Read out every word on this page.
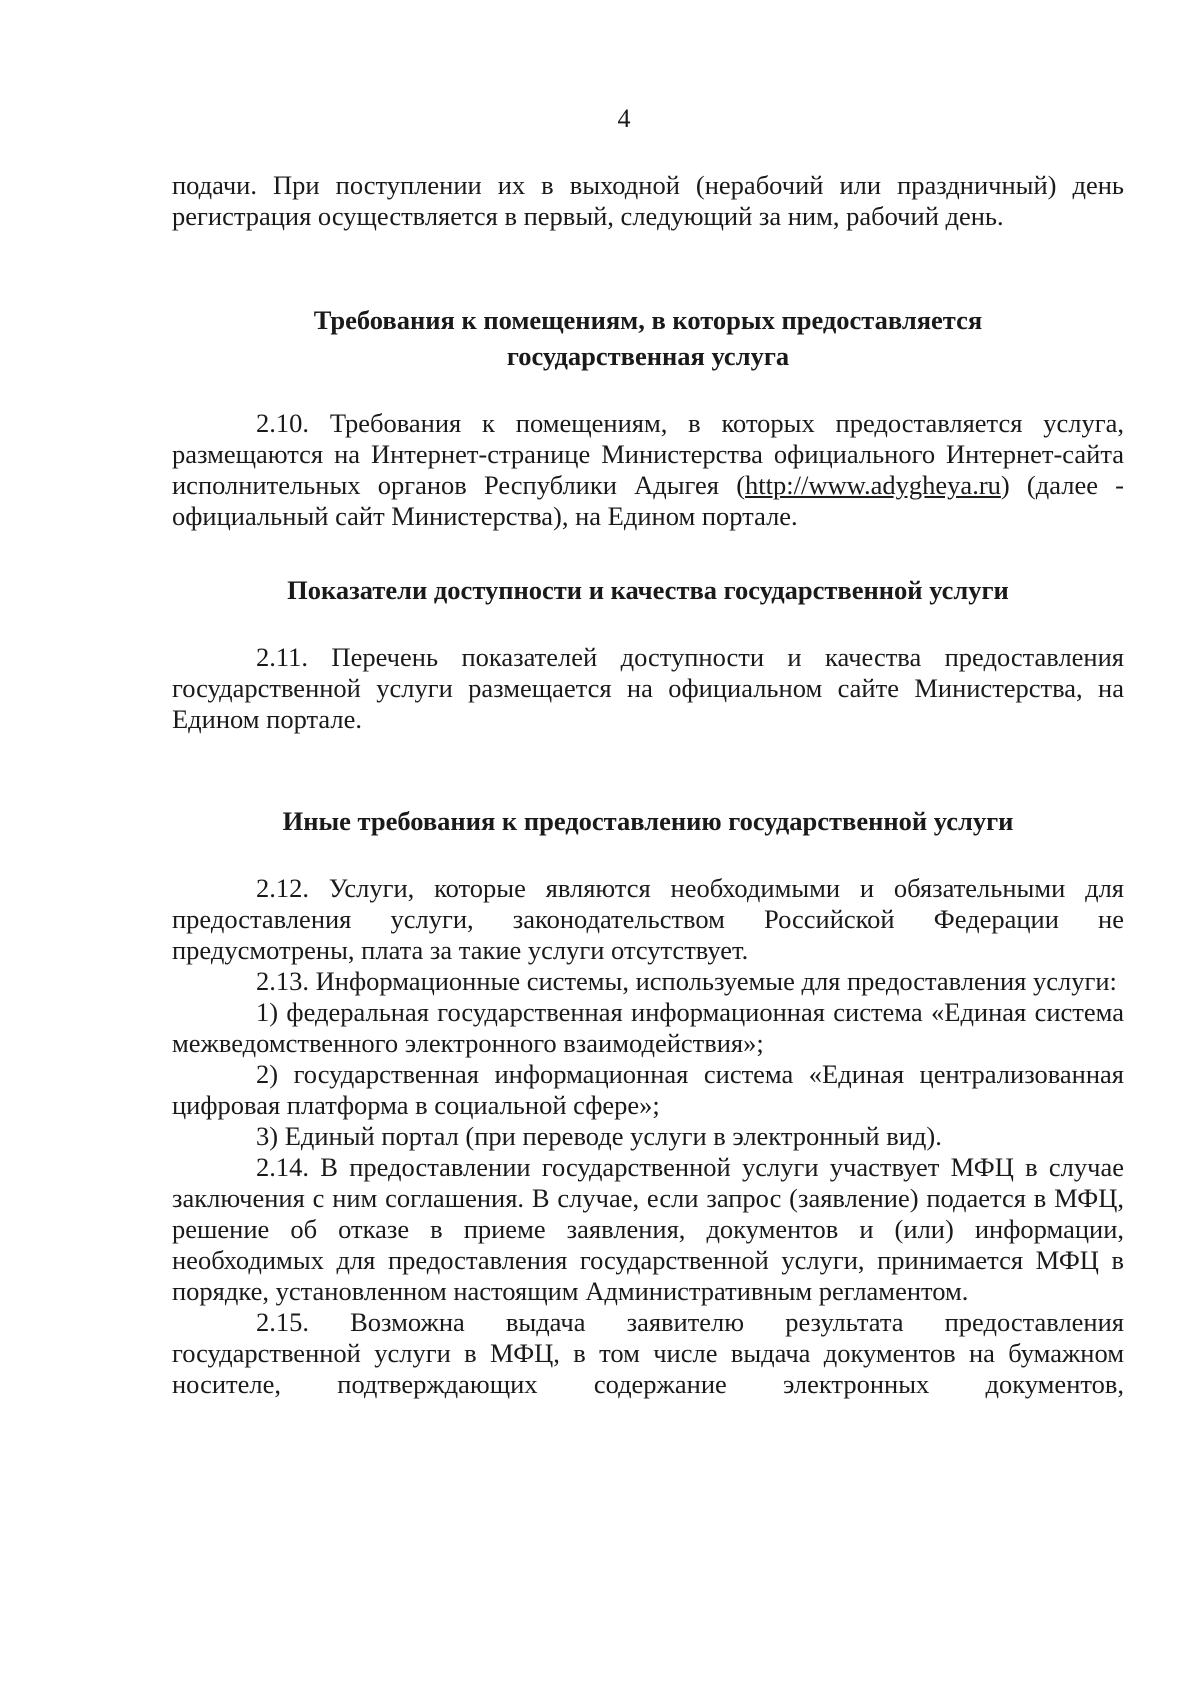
4

подачи. При поступлении их в выходной (нерабочий или праздничный) день регистрация осуществляется в первый, следующий за ним, рабочий день.

Требования к помещениям, в которых предоставляется
государственная услуга

2.10. Требования к помещениям, в которых предоставляется услуга, размещаются на Интернет-странице Министерства официального Интернет-сайта исполнительных органов Республики Адыгея (http://www.adygheya.ru) (далее - официальный сайт Министерства), на Едином портале.

Показатели доступности и качества государственной услуги

2.11. Перечень показателей доступности и качества предоставления государственной услуги размещается на официальном сайте Министерства, на Едином портале.

Иные требования к предоставлению государственной услуги

2.12. Услуги, которые являются необходимыми и обязательными для предоставления услуги, законодательством Российской Федерации не предусмотрены, плата за такие услуги отсутствует.

2.13. Информационные системы, используемые для предоставления услуги:

1) федеральная государственная информационная система «Единая система межведомственного электронного взаимодействия»;

2) государственная информационная система «Единая централизованная цифровая платформа в социальной сфере»;

3) Единый портал (при переводе услуги в электронный вид).

2.14. В предоставлении государственной услуги участвует МФЦ в случае заключения с ним соглашения. В случае, если запрос (заявление) подается в МФЦ, решение об отказе в приеме заявления, документов и (или) информации, необходимых для предоставления государственной услуги, принимается МФЦ в порядке, установленном настоящим Административным регламентом.

2.15. Возможна выдача заявителю результата предоставления государственной услуги в МФЦ, в том числе выдача документов на бумажном носителе, подтверждающих содержание электронных документов,
